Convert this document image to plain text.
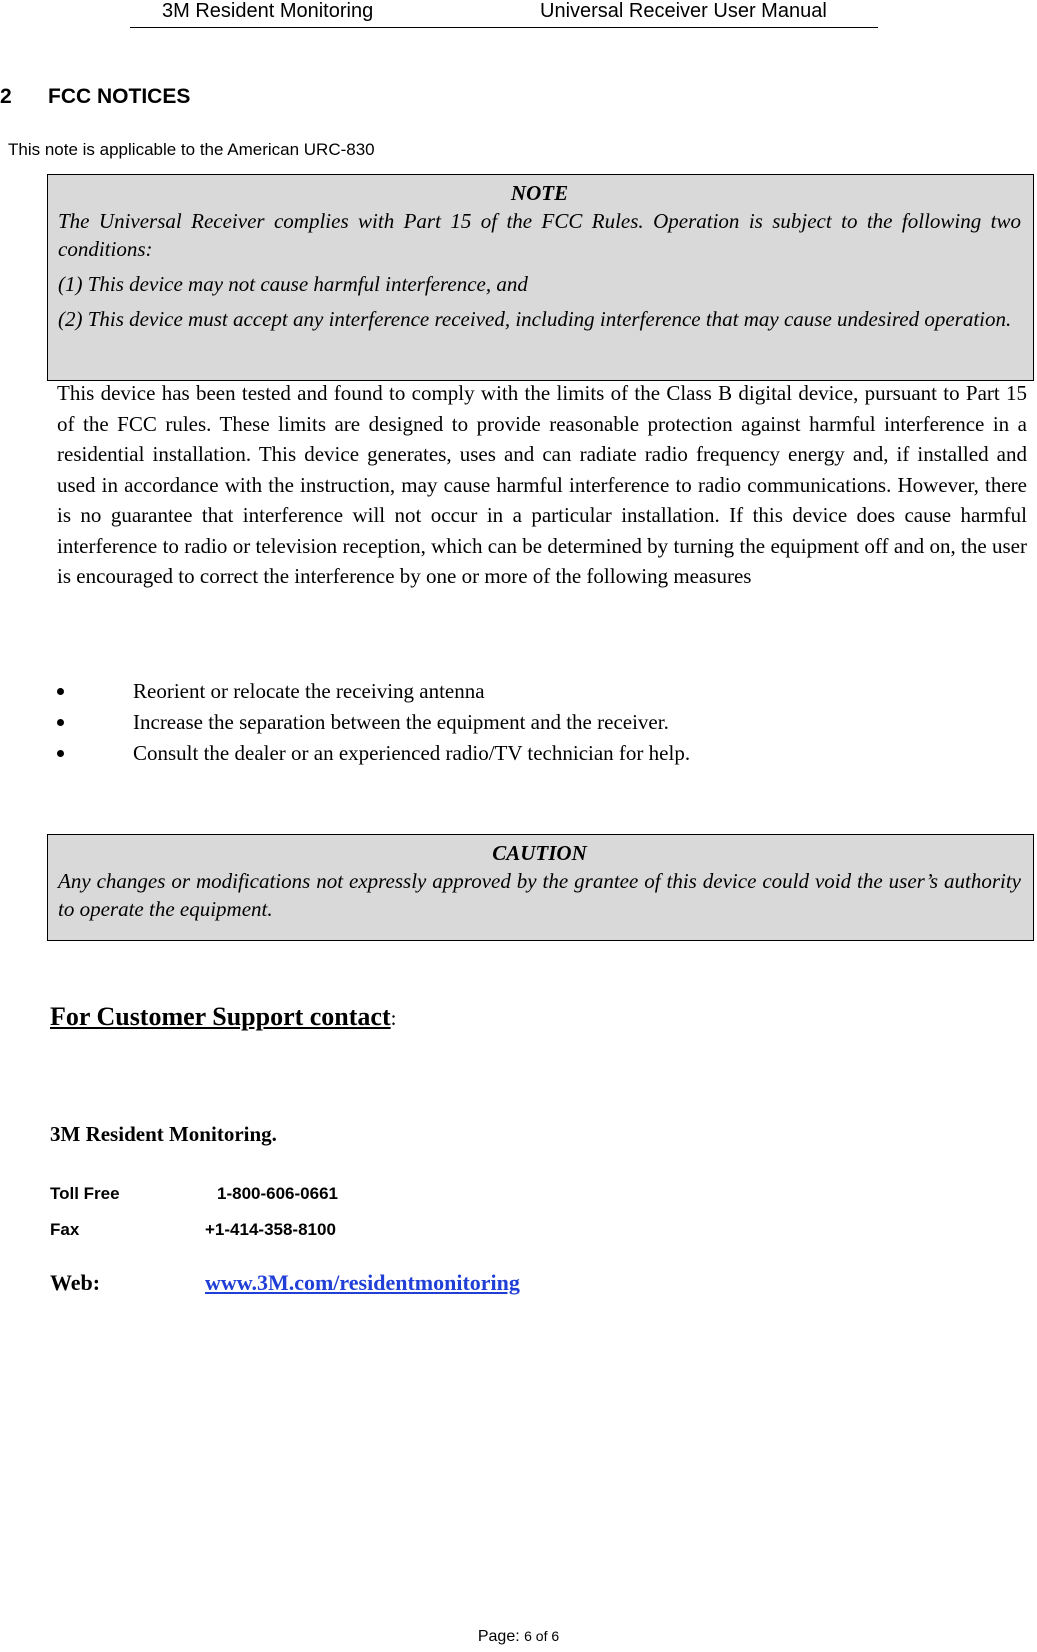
3M Resident Monitoring	Universal Receiver User Manual
2 FCC NOTICES
This note is applicable to the American URC-830
NOTE

The Universal Receiver complies with Part 15 of the FCC Rules. Operation is subject to the following two conditions:

(1) This device may not cause harmful interference, and

(2) This device must accept any interference received, including interference that may cause undesired operation.

This device has been tested and found to comply with the limits of the Class B digital device, pursuant to Part 15 of the FCC rules. These limits are designed to provide reasonable protection against harmful interference in a residential installation. This device generates, uses and can radiate radio frequency energy and, if installed and used in accordance with the instruction, may cause harmful interference to radio communications. However, there is no guarantee that interference will not occur in a particular installation. If this device does cause harmful interference to radio or television reception, which can be determined by turning the equipment off and on, the user is encouraged to correct the interference by one or more of the following measures

Reorient or relocate the receiving antenna
Increase the separation between the equipment and the receiver.
Consult the dealer or an experienced radio/TV technician for help.
CAUTION

Any changes or modifications not expressly approved by the grantee of this device could void the user’s authority to operate the equipment.

For Customer Support contact:
3M Resident Monitoring.
Toll Free	1-800-606-0661
Fax	+1-414-358-8100
Web:	www.3M.com/residentmonitoring
Page: 6 of 6
